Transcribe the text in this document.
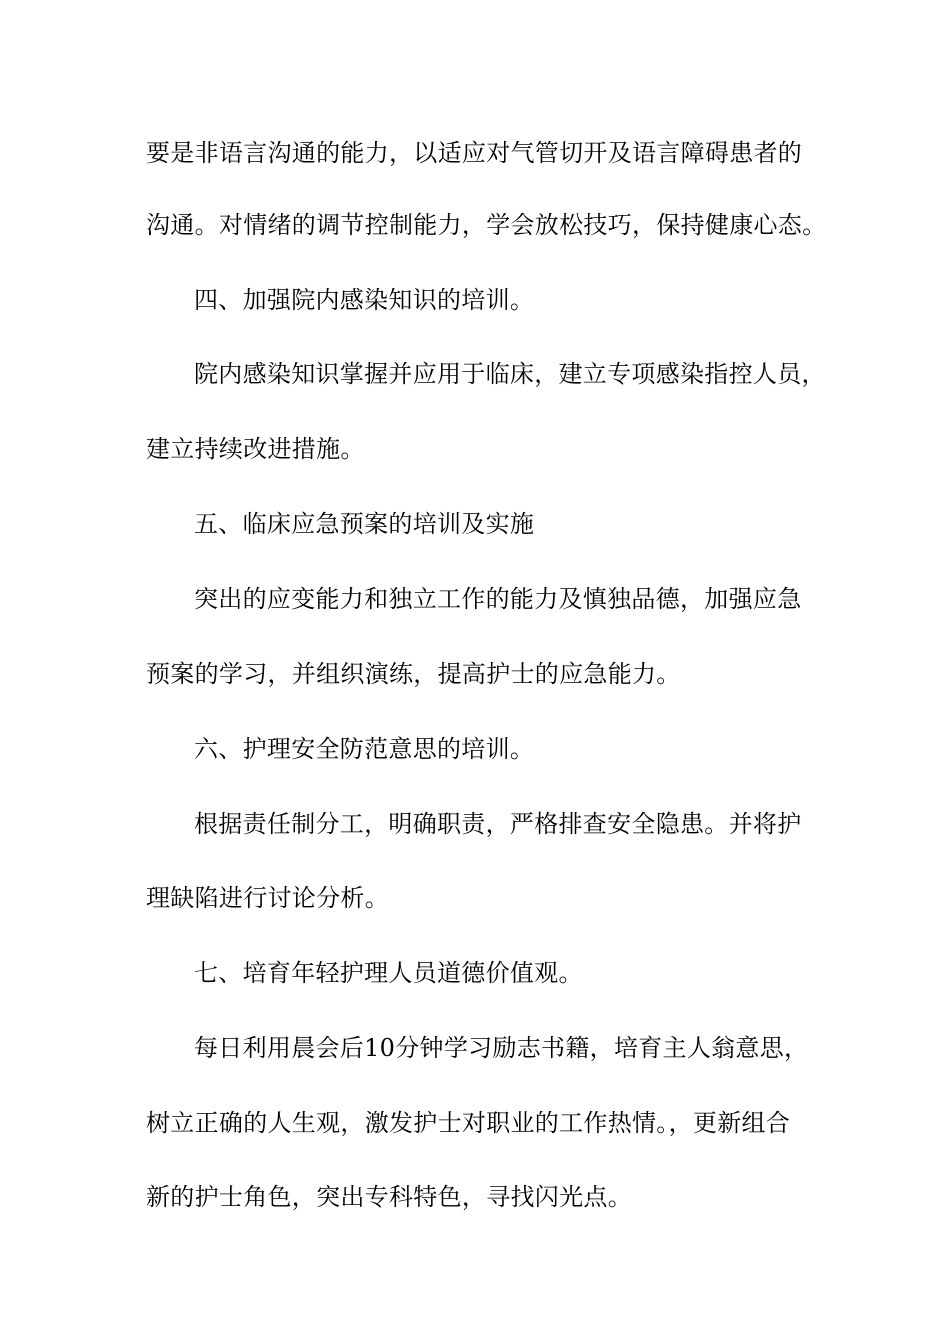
要是非语言沟通的能力，以适应对气管切开及语言障碍患者的
沟通。对情绪的调节控制能力，学会放松技巧，保持健康心态。
四、加强院内感染知识的培训。
院内感染知识掌握并应用于临床，建立专项感染指控人员，
建立持续改进措施。
五、临床应急预案的培训及实施
突出的应变能力和独立工作的能力及慎独品德，加强应急
预案的学习，并组织演练，提高护士的应急能力。
六、护理安全防范意思的培训。
根据责任制分工，明确职责，严格排查安全隐患。并将护
理缺陷进行讨论分析。
七、培育年轻护理人员道德价值观。
每日利用晨会后10分钟学习励志书籍，培育主人翁意思，
树立正确的人生观，激发护士对职业的工作热情。，更新组合
新的护士角色，突出专科特色，寻找闪光点。
